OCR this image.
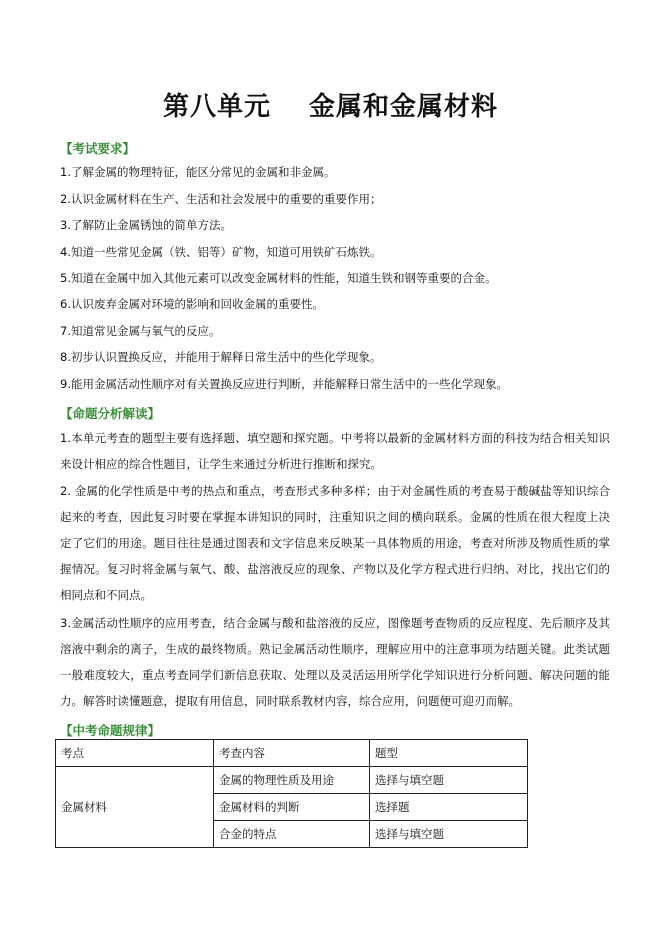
第八单元 金属和金属材料
【考试要求】
1.了解金属的物理特征，能区分常见的金属和非金属。
2.认识金属材料在生产、生活和社会发展中的重要的重要作用；
3.了解防止金属锈蚀的简单方法。
4.知道一些常见金属（铁、铝等）矿物，知道可用铁矿石炼铁。
5.知道在金属中加入其他元素可以改变金属材料的性能，知道生铁和钢等重要的合金。
6.认识废弃金属对环境的影响和回收金属的重要性。
7.知道常见金属与氧气的反应。
8.初步认识置换反应，并能用于解释日常生活中的些化学现象。
9.能用金属活动性顺序对有关置换反应进行判断，并能解释日常生活中的一些化学现象。
【命题分析解读】
1.本单元考查的题型主要有选择题、填空题和探究题。中考将以最新的金属材料方面的科技为结合相关知识来设计相应的综合性题目，让学生来通过分析进行推断和探究。
2. 金属的化学性质是中考的热点和重点，考查形式多种多样；由于对金属性质的考查易于酸碱盐等知识综合起来的考查，因此复习时要在掌握本讲知识的同时，注重知识之间的横向联系。金属的性质在很大程度上决定了它们的用途。题目往往是通过图表和文字信息来反映某一具体物质的用途，考查对所涉及物质性质的掌握情况。复习时将金属与氧气、酸、盐溶液反应的现象、产物以及化学方程式进行归纳、对比，找出它们的相同点和不同点。
3.金属活动性顺序的应用考查，结合金属与酸和盐溶液的反应，图像题考查物质的反应程度、先后顺序及其溶液中剩余的离子，生成的最终物质。熟记金属活动性顺序，理解应用中的注意事项为结题关键。此类试题一般难度较大，重点考查同学们新信息获取、处理以及灵活运用所学化学知识进行分析问题、解决问题的能力。解答时读懂题意，提取有用信息，同时联系教材内容，综合应用，问题便可迎刃而解。
【中考命题规律】
考点	考查内容	题型
金属材料	金属的物理性质及用途	选择与填空题
	金属材料的判断	选择题
	合金的特点	选择与填空题
